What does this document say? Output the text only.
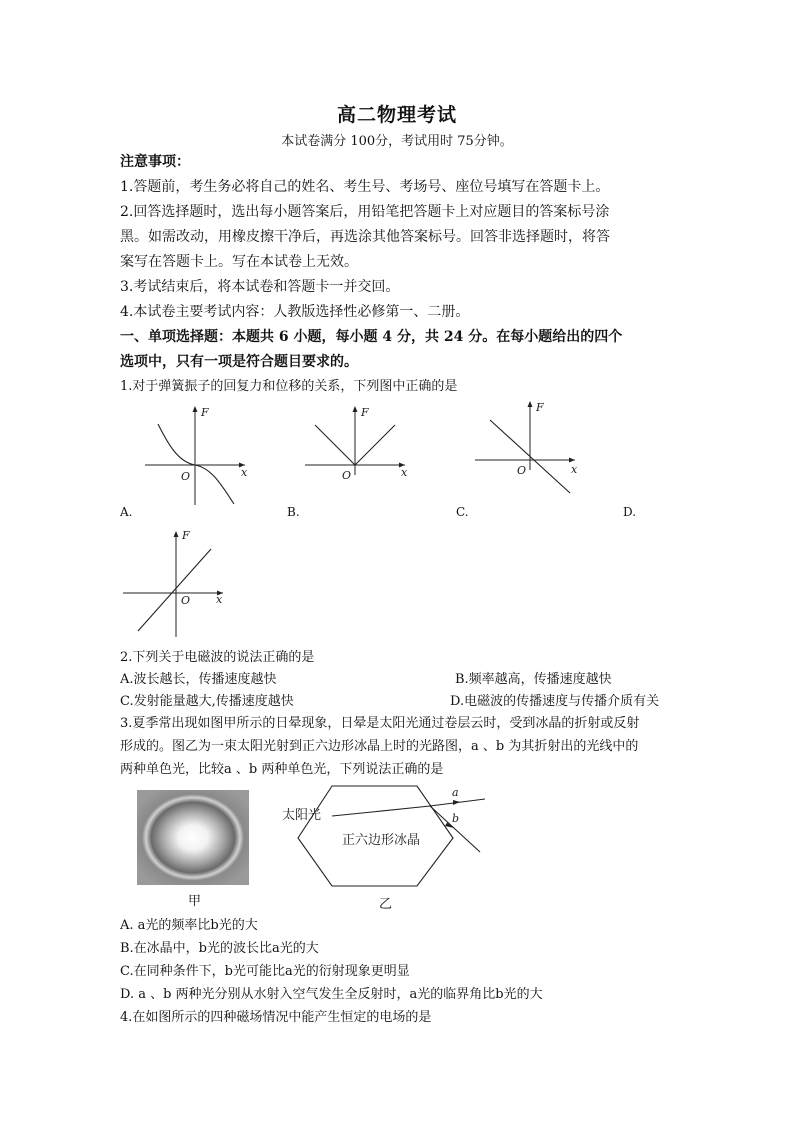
高二物理考试
本试卷满分 100分，考试用时 75分钟。
注意事项：
1.答题前，考生务必将自己的姓名、考生号、考场号、座位号填写在答题卡上。
2.回答选择题时，选出每小题答案后，用铅笔把答题卡上对应题目的答案标号涂
黑。如需改动，用橡皮擦干净后，再选涂其他答案标号。回答非选择题时，将答
案写在答题卡上。写在本试卷上无效。
3.考试结束后，将本试卷和答题卡一并交回。
4.本试卷主要考试内容：人教版选择性必修第一、二册。
一、单项选择题：本题共 6 小题，每小题 4 分，共 24 分。在每小题给出的四个
选项中，只有一项是符合题目要求的。
1.对于弹簧振子的回复力和位移的关系，下列图中正确的是
F
x
O
A.
F
x
O
B.
F
x
O
C.	D.
F
x
O
2.下列关于电磁波的说法正确的是
A.波长越长，传播速度越快	B.频率越高，传播速度越快
C.发射能量越大,传播速度越快	D.电磁波的传播速度与传播介质有关
3.夏季常出现如图甲所示的日晕现象，日晕是太阳光通过卷层云时，受到冰晶的折射或反射
形成的。图乙为一束太阳光射到正六边形冰晶上时的光路图，a 、b 为其折射出的光线中的
两种单色光，比较a 、b 两种单色光，下列说法正确的是
甲
a
b
太阳光
正六边形冰晶
乙
A. a光的频率比b光的大
B.在冰晶中，b光的波长比a光的大
C.在同种条件下，b光可能比a光的衍射现象更明显
D. a 、b 两种光分别从水射入空气发生全反射时，a光的临界角比b光的大
4.在如图所示的四种磁场情况中能产生恒定的电场的是
